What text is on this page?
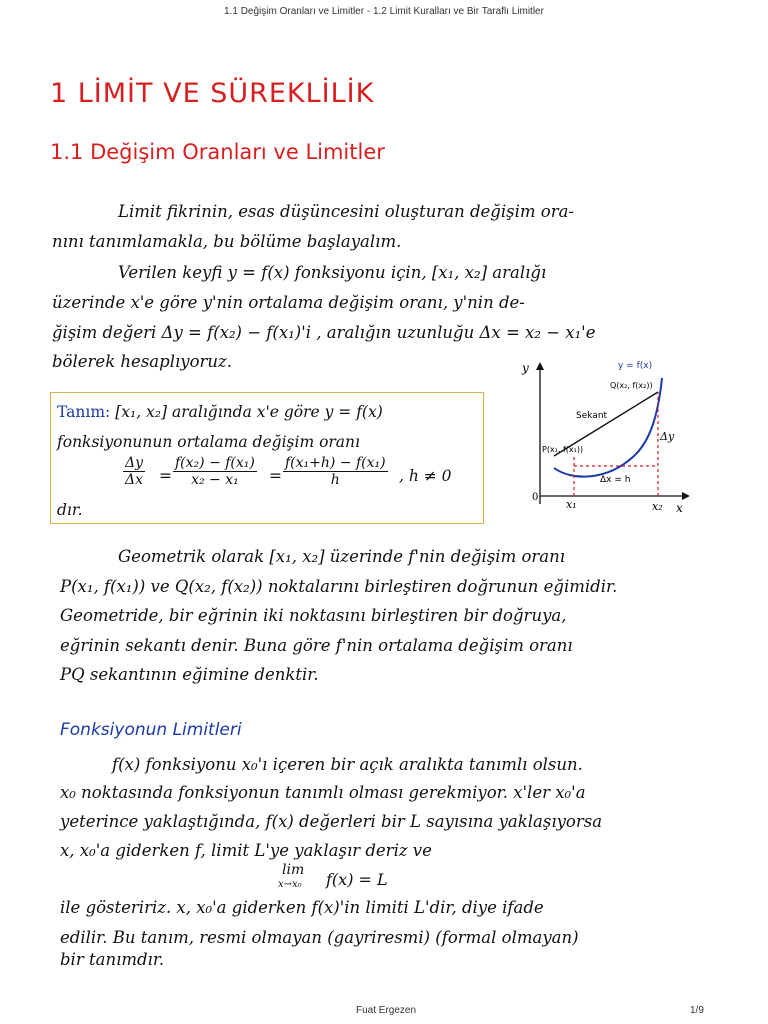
1.1 Değişim Oranları ve Limitler - 1.2 Limit Kuralları ve Bir Taraflı Limitler
1 LİMİT VE SÜREKLİLİK
1.1 Değişim Oranları ve Limitler
Limit fikrinin, esas düşüncesini oluşturan değişim ora-
nını tanımlamakla, bu bölüme başlayalım.
Verilen keyfi y = f(x) fonksiyonu için, [x₁, x₂] aralığı
üzerinde x'e göre y'nin ortalama değişim oranı, y'nin de-
ğişim değeri Δy = f(x₂) − f(x₁)'i , aralığın uzunluğu Δx = x₂ − x₁'e
bölerek hesaplıyoruz.
Tanım: [x₁, x₂] aralığında x'e göre y = f(x)
fonksiyonunun ortalama değişim oranı
$\frac{\Delta y}{\Delta x} = \frac{\text{f(x₂) − f(x₁)}}{\text{x₂ − x₁}} = \frac{\text{f(x₁+h) − f(x₁)}}{h}$ , h ≠ 0
dır.
y
x
0
y = f(x)
Q(x₂, f(x₂))
Sekant
P(x₁, f(x₁))
Δy
Δx = h
x₁	x₂
Geometrik olarak [x₁, x₂] üzerinde f'nin değişim oranı
P(x₁, f(x₁)) ve Q(x₂, f(x₂)) noktalarını birleştiren doğrunun eğimidir.
Geometride, bir eğrinin iki noktasını birleştiren bir doğruya,
eğrinin sekantı denir. Buna göre f'nin ortalama değişim oranı
PQ sekantının eğimine denktir.
Fonksiyonun Limitleri
f(x) fonksiyonu x₀'ı içeren bir açık aralıkta tanımlı olsun.
x₀ noktasında fonksiyonun tanımlı olması gerekmiyor. x'ler x₀'a
yeterince yaklaştığında, f(x) değerleri bir L sayısına yaklaşıyorsa
x, x₀'a giderken f, limit L'ye yaklaşır deriz ve
lim
x→x₀ f(x) = L
ile gösteririz. x, x₀'a giderken f(x)'in limiti L'dir, diye ifade
edilir. Bu tanım, resmi olmayan (gayriresmi) (formal olmayan)
bir tanımdır.
Fuat Ergezen	1/9
